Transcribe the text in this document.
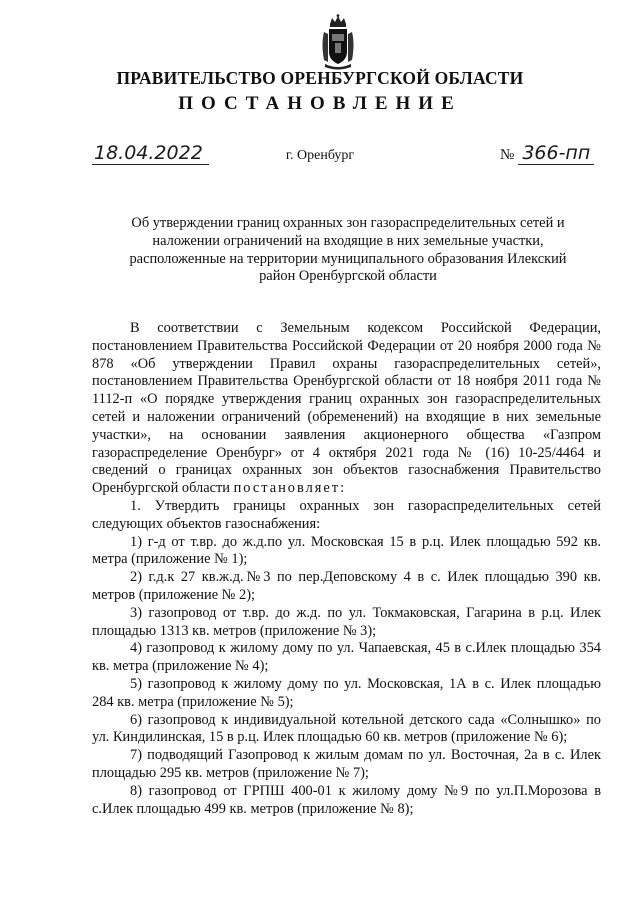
ПРАВИТЕЛЬСТВО ОРЕНБУРГСКОЙ ОБЛАСТИ
ПОСТАНОВЛЕНИЕ
18.04.2022	г. Оренбург	№ 366-пп
Об утверждении границ охранных зон газораспределительных сетей и наложении ограничений на входящие в них земельные участки, расположенные на территории муниципального образования Илекский район Оренбургской области

В соответствии с Земельным кодексом Российской Федерации, постановлением Правительства Российской Федерации от 20 ноября 2000 года № 878 «Об утверждении Правил охраны газораспределительных сетей», постановлением Правительства Оренбургской области от 18 ноября 2011 года № 1112-п «О порядке утверждения границ охранных зон газораспределительных сетей и наложении ограничений (обременений) на входящие в них земельные участки», на основании заявления акционерного общества «Газпром газораспределение Оренбург» от 4 октября 2021 года № (16) 10-25/4464 и сведений о границах охранных зон объектов газоснабжения Правительство Оренбургской области постановляет:

1. Утвердить границы охранных зон газораспределительных сетей следующих объектов газоснабжения:

1) г-д от т.вр. до ж.д.по ул. Московская 15 в р.ц. Илек площадью 592 кв. метра (приложение № 1);

2) г.д.к 27 кв.ж.д.№3 по пер.Деповскому 4 в с. Илек площадью 390 кв. метров (приложение № 2);

3) газопровод от т.вр. до ж.д. по ул. Токмаковская, Гагарина в р.ц. Илек площадью 1313 кв. метров (приложение № 3);

4) газопровод к жилому дому по ул. Чапаевская, 45 в с.Илек площадью 354 кв. метра (приложение № 4);

5) газопровод к жилому дому по ул. Московская, 1А в с. Илек площадью 284 кв. метра (приложение № 5);

6) газопровод к индивидуальной котельной детского сада «Солнышко» по ул. Киндилинская, 15 в р.ц. Илек площадью 60 кв. метров (приложение № 6);

7) подводящий Газопровод к жилым домам по ул. Восточная, 2а в с. Илек площадью 295 кв. метров (приложение № 7);

8) газопровод от ГРПШ 400-01 к жилому дому №9 по ул.П.Морозова в с.Илек площадью 499 кв. метров (приложение № 8);
